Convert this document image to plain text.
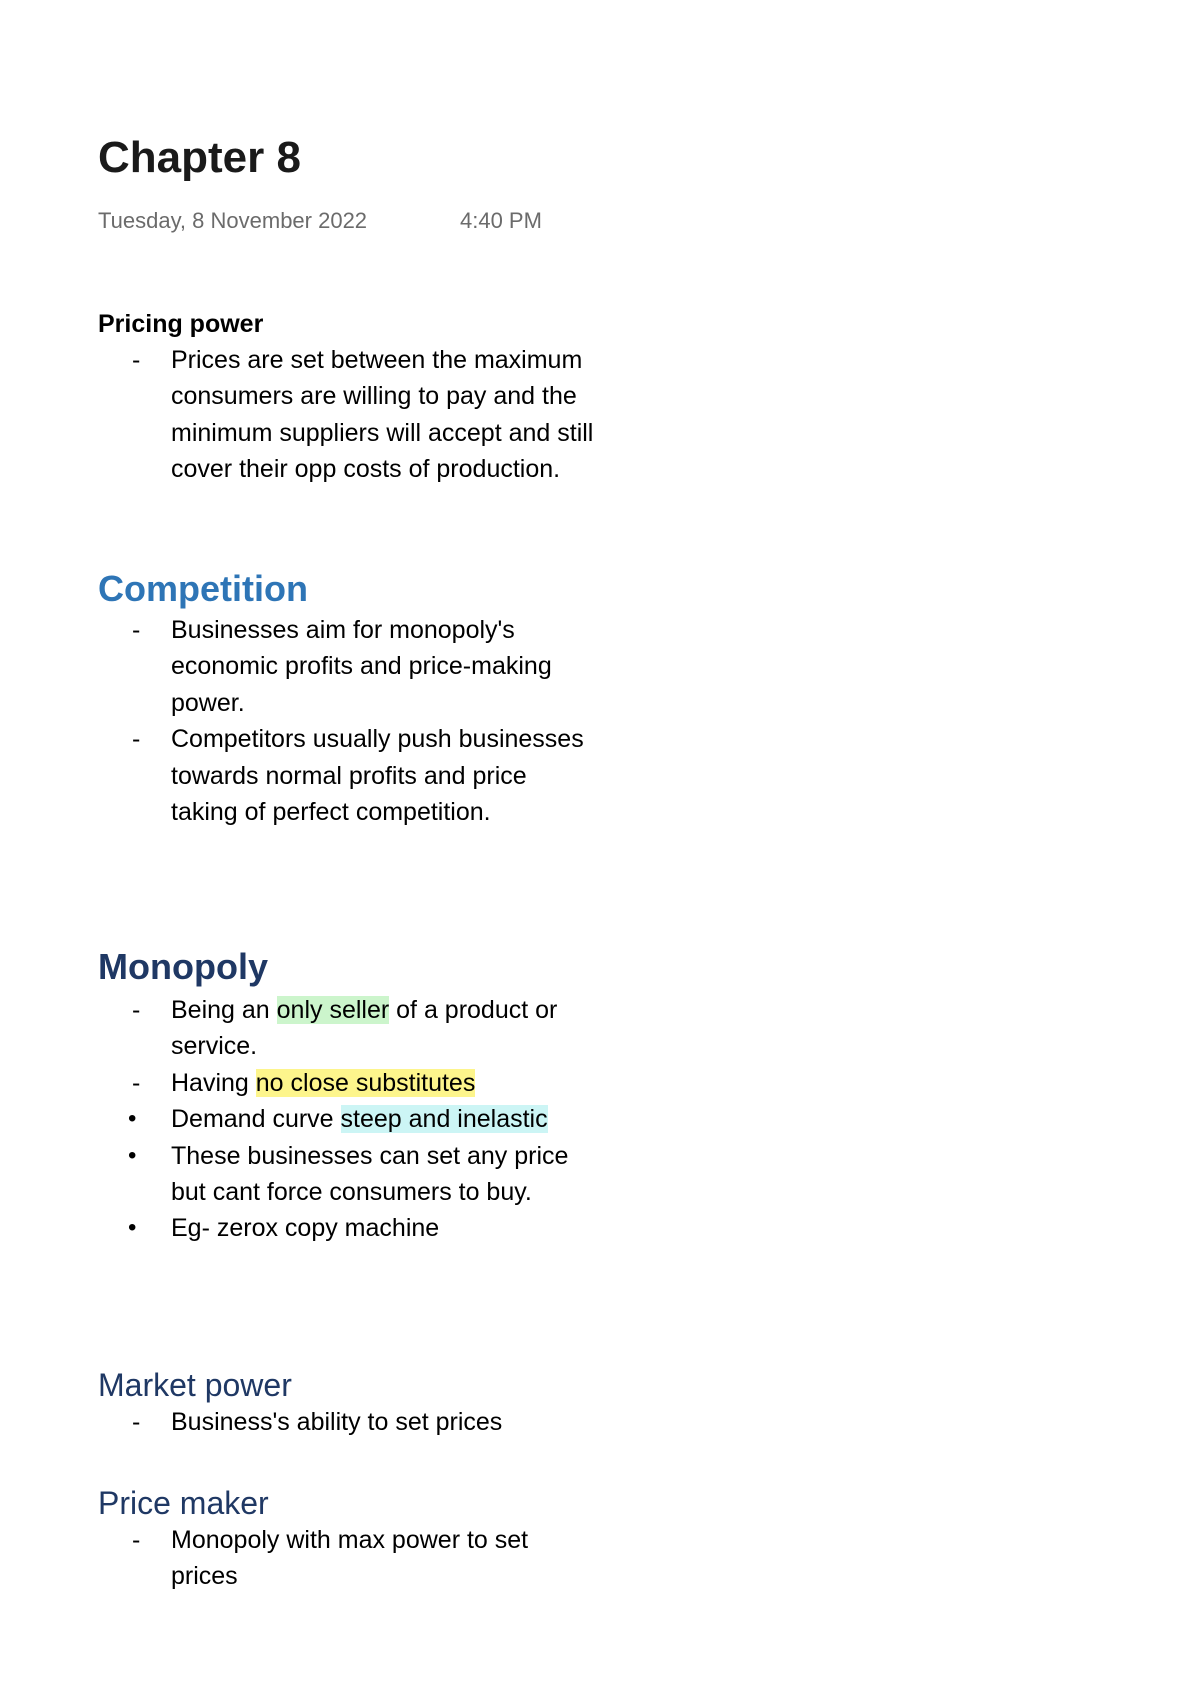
Chapter 8
Tuesday, 8 November 2022	4:40 PM
Pricing power
-	Prices are set between the maximum consumers are willing to pay and the minimum suppliers will accept and still cover their opp costs of production.
Competition
-	Businesses aim for monopoly's economic profits and price-making power.
-	Competitors usually push businesses towards normal profits and price taking of perfect competition.
Monopoly
-	Being an only seller of a product or service.
-	Having no close substitutes
•	Demand curve steep and inelastic
•	These businesses can set any price but cant force consumers to buy.
•	Eg- zerox copy machine
Market power
-	Business's ability to set prices
Price maker
-	Monopoly with max power to set prices
